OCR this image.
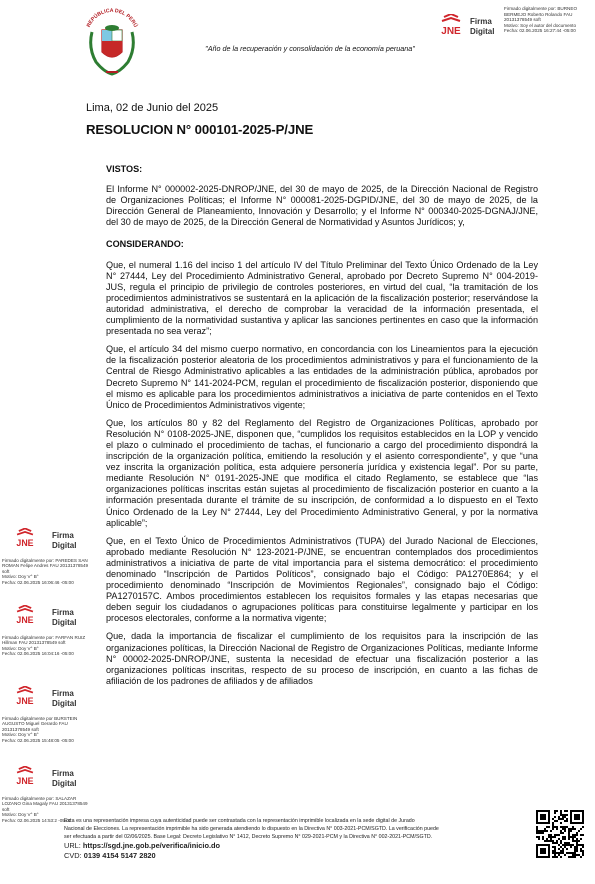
REPÚBLICA DEL PERÚ
"Año de la recuperación y consolidación de la economía peruana"
JNE
Firma
Digital
Firmado digitalmente por: BURNEO
BERMEJO Roberto Rolando FAU
20131378549 soft
Motivo: Soy el autor del documento
Fecha: 02.06.2025 16:27:44 -05:00
Lima, 02 de Junio del 2025
RESOLUCION N° 000101-2025-P/JNE
VISTOS:

El Informe N° 000002-2025-DNROP/JNE, del 30 de mayo de 2025, de la Dirección Nacional de Registro de Organizaciones Políticas; el Informe N° 000081-2025-DGPID/JNE, del 30 de mayo de 2025, de la Dirección General de Planeamiento, Innovación y Desarrollo; y el Informe N° 000340-2025-DGNAJ/JNE, del 30 de mayo de 2025, de la Dirección General de Normatividad y Asuntos Jurídicos; y,

CONSIDERANDO:

Que, el numeral 1.16 del inciso 1 del artículo IV del Título Preliminar del Texto Único Ordenado de la Ley N° 27444, Ley del Procedimiento Administrativo General, aprobado por Decreto Supremo N° 004-2019-JUS, regula el principio de privilegio de controles posteriores, en virtud del cual, “la tramitación de los procedimientos administrativos se sustentará en la aplicación de la fiscalización posterior; reservándose la autoridad administrativa, el derecho de comprobar la veracidad de la información presentada, el cumplimiento de la normatividad sustantiva y aplicar las sanciones pertinentes en caso que la información presentada no sea veraz”;

Que, el artículo 34 del mismo cuerpo normativo, en concordancia con los Lineamientos para la ejecución de la fiscalización posterior aleatoria de los procedimientos administrativos y para el funcionamiento de la Central de Riesgo Administrativo aplicables a las entidades de la administración pública, aprobados por Decreto Supremo N° 141-2024-PCM, regulan el procedimiento de fiscalización posterior, disponiendo que el mismo es aplicable para los procedimientos administrativos a iniciativa de parte contenidos en el Texto Único de Procedimientos Administrativos vigente;

Que, los artículos 80 y 82 del Reglamento del Registro de Organizaciones Políticas, aprobado por Resolución N° 0108-2025-JNE, disponen que, “cumplidos los requisitos establecidos en la LOP y vencido el plazo o culminado el procedimiento de tachas, el funcionario a cargo del procedimiento dispondrá la inscripción de la organización política, emitiendo la resolución y el asiento correspondiente”, y que “una vez inscrita la organización política, esta adquiere personería jurídica y existencia legal”. Por su parte, mediante Resolución N° 0191-2025-JNE que modifica el citado Reglamento, se establece que “las organizaciones políticas inscritas están sujetas al procedimiento de fiscalización posterior en cuanto a la información presentada durante el trámite de su inscripción, de conformidad a lo dispuesto en el Texto Único Ordenado de la Ley N° 27444, Ley del Procedimiento Administrativo General, y por la normativa aplicable”;

Que, en el Texto Único de Procedimientos Administrativos (TUPA) del Jurado Nacional de Elecciones, aprobado mediante Resolución N° 123-2021-P/JNE, se encuentran contemplados dos procedimientos administrativos a iniciativa de parte de vital importancia para el sistema democrático: el procedimiento denominado “Inscripción de Partidos Políticos”, consignado bajo el Código: PA1270E864; y el procedimiento denominado “Inscripción de Movimientos Regionales”, consignado bajo el Código: PA1270157C. Ambos procedimientos establecen los requisitos formales y las etapas necesarias que deben seguir los ciudadanos o agrupaciones políticas para constituirse legalmente y participar en los procesos electorales, conforme a la normativa vigente;

Que, dada la importancia de fiscalizar el cumplimiento de los requisitos para la inscripción de las organizaciones políticas, la Dirección Nacional de Registro de Organizaciones Políticas, mediante Informe N° 00002-2025-DNROP/JNE, sustenta la necesidad de efectuar una fiscalización posterior a las organizaciones políticas inscritas, respecto de su proceso de inscripción, en cuanto a las fichas de afiliación de los padrones de afiliados y de afiliados

JNE
Firma
Digital
Firmado digitalmente por: PAREDES SAN ROMAN Felipe Andres FAU 20131378549 soft
Motivo: Doy V° B°
Fecha: 02.06.2025 16:06:46 -05:00
JNE
Firma
Digital
Firmado digitalmente por: FARFAN RUIZ Hillman FAU 20131378549 soft
Motivo: Doy V° B°
Fecha: 02.06.2025 16:04:16 -05:00
JNE
Firma
Digital
Firmado digitalmente por BURSTEIN AUGUSTO Miguel Gerardo FAU 20131378549 soft
Motivo: Doy V° B°
Fecha: 02.06.2025 15:48:05 -05:00
JNE
Firma
Digital
Firmado digitalmente por: SALAZAR LOZANO Gina Magaly FAU 20131378549 soft
Motivo: Doy V° B°
Fecha: 02.06.2025 14:53:2 -05:00
Esta es una representación impresa cuya autenticidad puede ser contrastada con la representación imprimible localizada en la sede digital de Jurado
Nacional de Elecciones. La representación imprimible ha sido generada atendiendo lo dispuesto en la Directiva N° 003-2021-PCM/SGTD. La verificación puede
ser efectuada a partir del 02/06/2025. Base Legal: Decreto Legislativo N° 1412, Decreto Supremo N° 029-2021-PCM y la Directiva N° 002-2021-PCM/SGTD.
URL: https://sgd.jne.gob.pe/verifica/inicio.do
CVD: 0139 4154 5147 2820
